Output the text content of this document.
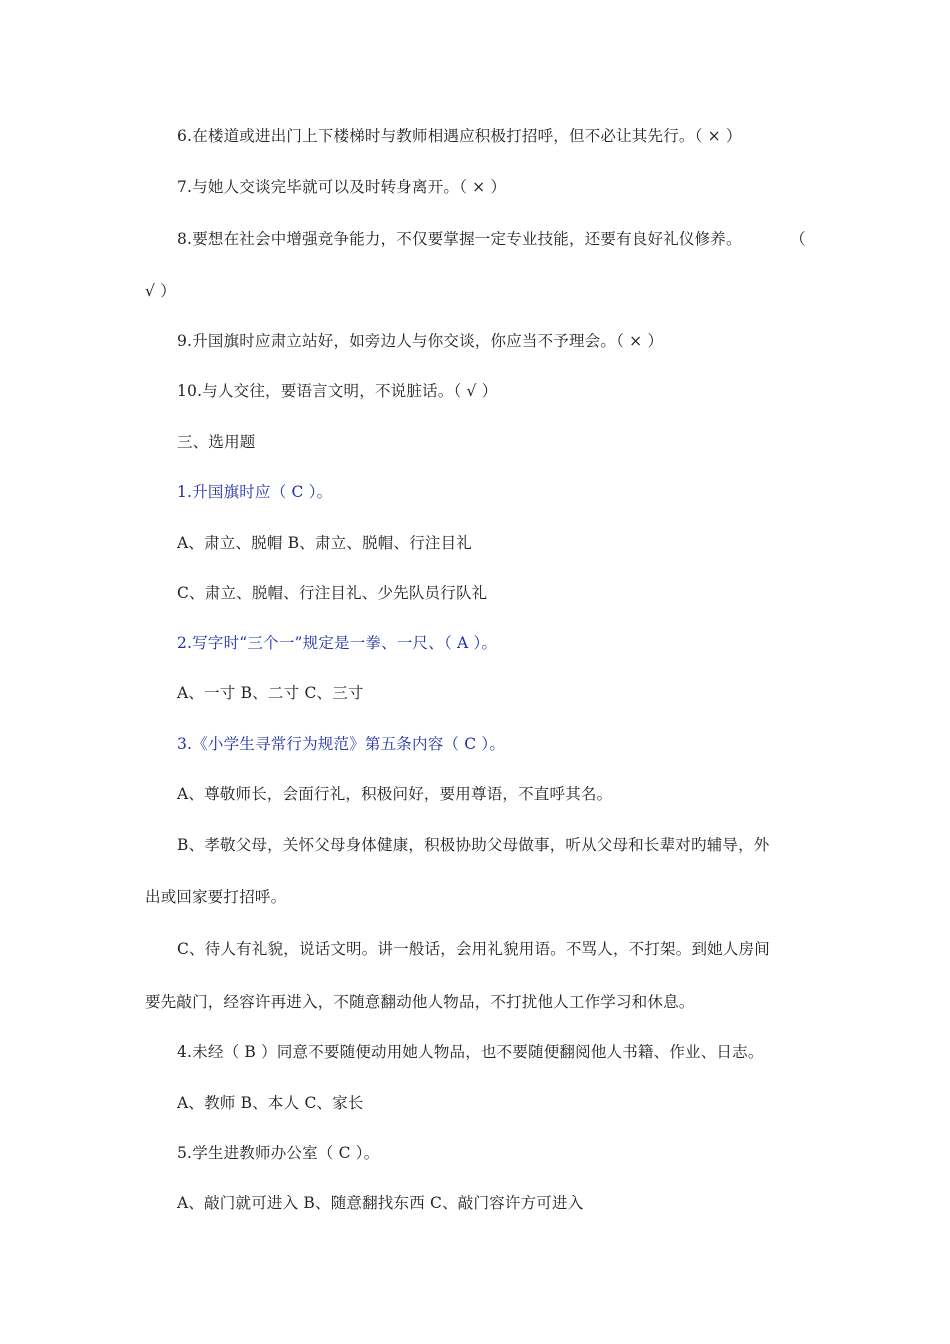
6.在楼道或进出门上下楼梯时与教师相遇应积极打招呼，但不必让其先行。（ × ）
7.与她人交谈完毕就可以及时转身离开。（ × ）
8.要想在社会中增强竞争能力，不仅要掌握一定专业技能，还要有良好礼仪修养。	（
√ ）
9.升国旗时应肃立站好，如旁边人与你交谈，你应当不予理会。（ × ）
10.与人交往，要语言文明，不说脏话。（ √ ）
三、选用题
1.升国旗时应（ C ）。
A、肃立、脱帽 B、肃立、脱帽、行注目礼
C、肃立、脱帽、行注目礼、少先队员行队礼
2.写字时“三个一”规定是一拳、一尺、（ A ）。
A、一寸 B、二寸 C、三寸
3.《小学生寻常行为规范》第五条内容（ C ）。
A、尊敬师长，会面行礼，积极问好，要用尊语，不直呼其名。
B、孝敬父母，关怀父母身体健康，积极协助父母做事，听从父母和长辈对旳辅导，外
出或回家要打招呼。
C、待人有礼貌，说话文明。讲一般话，会用礼貌用语。不骂人，不打架。到她人房间
要先敲门，经容许再进入，不随意翻动他人物品，不打扰他人工作学习和休息。
4.未经（ B ）同意不要随便动用她人物品，也不要随便翻阅他人书籍、作业、日志。
A、教师 B、本人 C、家长
5.学生进教师办公室（ C ）。
A、敲门就可进入 B、随意翻找东西 C、敲门容许方可进入
